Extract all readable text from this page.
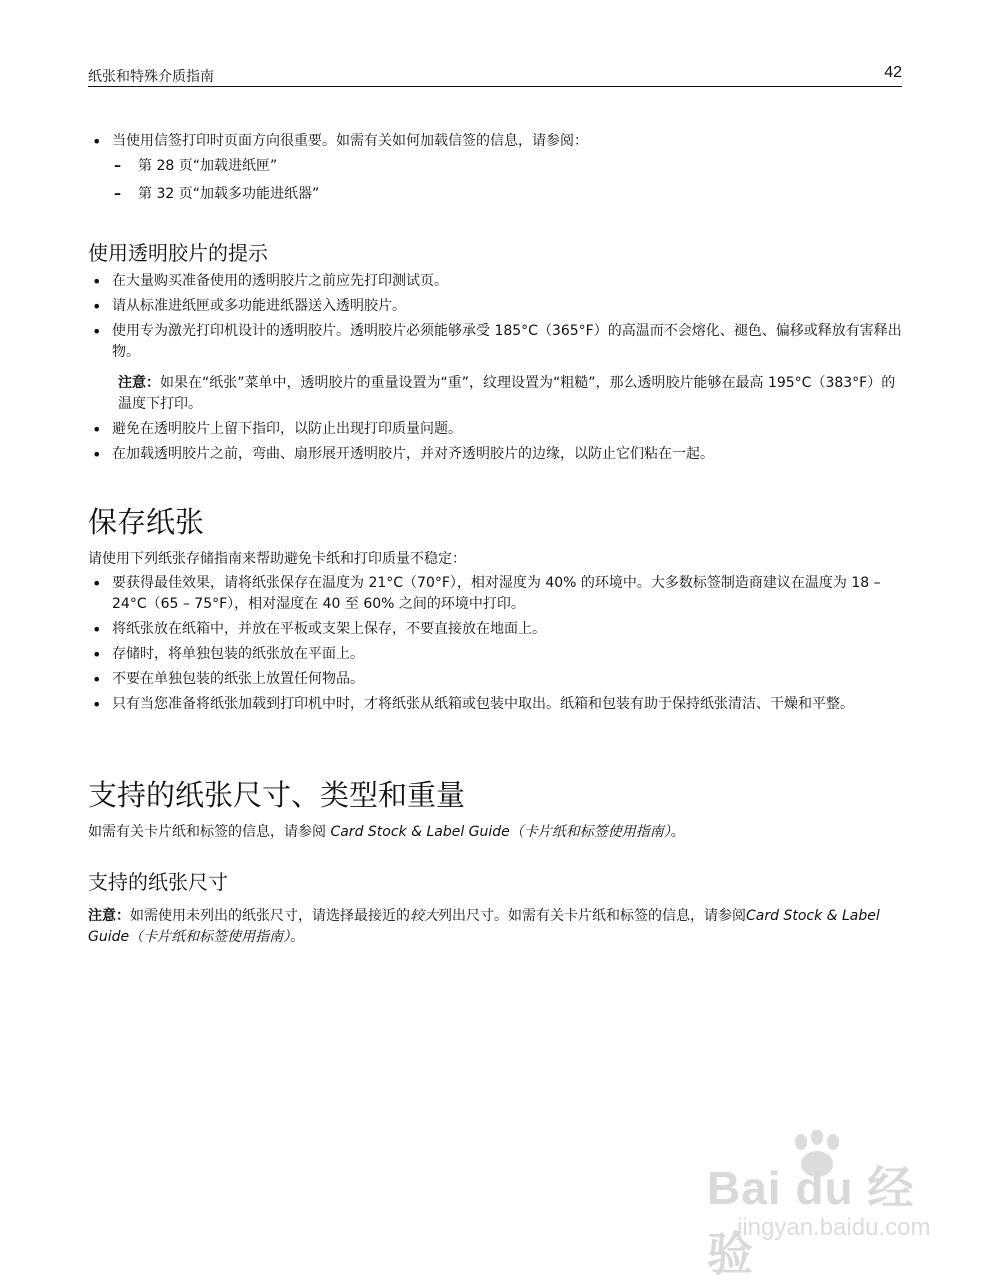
纸张和特殊介质指南	42
• 当使用信签打印时页面方向很重要。如需有关如何加载信签的信息，请参阅：
– 第 28 页“加载进纸匣”
– 第 32 页“加载多功能进纸器”
使用透明胶片的提示
• 在大量购买准备使用的透明胶片之前应先打印测试页。
• 请从标准进纸匣或多功能进纸器送入透明胶片。
• 使用专为激光打印机设计的透明胶片。透明胶片必须能够承受 185°C（365°F）的高温而不会熔化、褪色、偏移或释放有害释出物。
注意：如果在“纸张”菜单中，透明胶片的重量设置为“重”，纹理设置为“粗糙”，那么透明胶片能够在最高 195°C（383°F）的温度下打印。
• 避免在透明胶片上留下指印，以防止出现打印质量问题。
• 在加载透明胶片之前，弯曲、扇形展开透明胶片，并对齐透明胶片的边缘，以防止它们粘在一起。
保存纸张
请使用下列纸张存储指南来帮助避免卡纸和打印质量不稳定：
• 要获得最佳效果，请将纸张保存在温度为 21°C（70°F），相对湿度为 40% 的环境中。大多数标签制造商建议在温度为 18 – 24°C（65 – 75°F），相对湿度在 40 至 60% 之间的环境中打印。
• 将纸张放在纸箱中，并放在平板或支架上保存，不要直接放在地面上。
• 存储时，将单独包装的纸张放在平面上。
• 不要在单独包装的纸张上放置任何物品。
• 只有当您准备将纸张加载到打印机中时，才将纸张从纸箱或包装中取出。纸箱和包装有助于保持纸张清洁、干燥和平整。
支持的纸张尺寸、类型和重量
如需有关卡片纸和标签的信息，请参阅 Card Stock & Label Guide（卡片纸和标签使用指南）。
支持的纸张尺寸
注意：如需使用未列出的纸张尺寸，请选择最接近的较大列出尺寸。如需有关卡片纸和标签的信息，请参阅Card Stock & Label Guide（卡片纸和标签使用指南）。
Bai du 经验
jingyan.baidu.com
